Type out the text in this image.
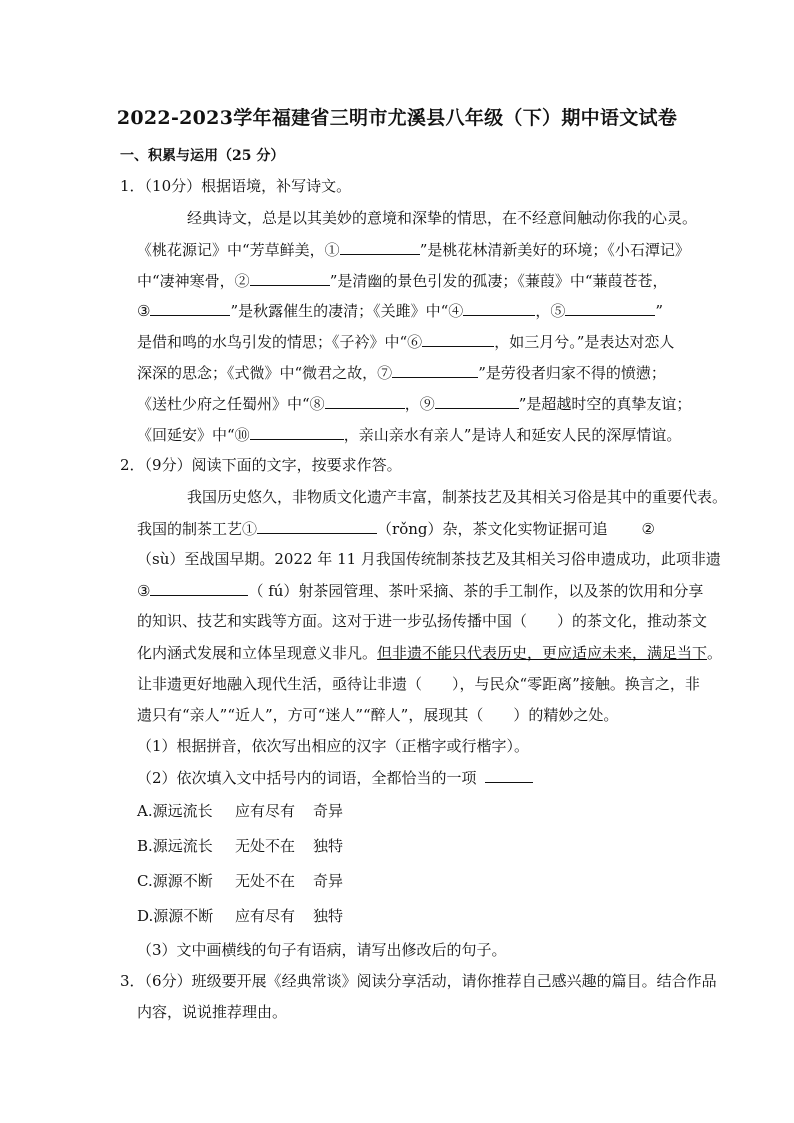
2022-2023学年福建省三明市尤溪县八年级（下）期中语文试卷
一、积累与运用（25 分）
1．（10分）根据语境，补写诗文。
经典诗文，总是以其美妙的意境和深挚的情思，在不经意间触动你我的心灵。
《桃花源记》中“芳草鲜美，①	”是桃花林清新美好的环境；《小石潭记》
中“凄神寒骨，②	”是清幽的景色引发的孤凄；《蒹葭》中“蒹葭苍苍，
③	”是秋露催生的凄清；《关雎》中“④	，⑤	”
是借和鸣的水鸟引发的情思；《子衿》中“⑥	，如三月兮。”是表达对恋人
深深的思念；《式微》中“微君之故，⑦	”是劳役者归家不得的愤懑；
《送杜少府之任蜀州》中“⑧	，⑨	”是超越时空的真挚友谊；
《回延安》中“⑩	，亲山亲水有亲人”是诗人和延安人民的深厚情谊。
2．（9分）阅读下面的文字，按要求作答。
我国历史悠久，非物质文化遗产丰富，制茶技艺及其相关习俗是其中的重要代表。
我国的制茶工艺①	（rǒng）杂，茶文化实物证据可追 ②
（sù）至战国早期。2022 年 11 月我国传统制茶技艺及其相关习俗申遗成功，此项非遗
③	（ fú）射茶园管理、茶叶采摘、茶的手工制作，以及茶的饮用和分享
的知识、技艺和实践等方面。这对于进一步弘扬传播中国（　　）的茶文化，推动茶文
化内涵式发展和立体呈现意义非凡。但非遗不能只代表历史，更应适应未来，满足当下。
让非遗更好地融入现代生活，亟待让非遗（　　），与民众“零距离”接触。换言之，非
遗只有“亲人”“近人”，方可“迷人”“醉人”，展现其（　　）的精妙之处。
（1）根据拼音，依次写出相应的汉字（正楷字或行楷字）。
（2）依次填入文中括号内的词语，全都恰当的一项
A.源远流长 应有尽有 奇异
B.源远流长 无处不在 独特
C.源源不断 无处不在 奇异
D.源源不断 应有尽有 独特
（3）文中画横线的句子有语病，请写出修改后的句子。
3．（6分）班级要开展《经典常谈》阅读分享活动，请你推荐自己感兴趣的篇目。结合作品
内容，说说推荐理由。
